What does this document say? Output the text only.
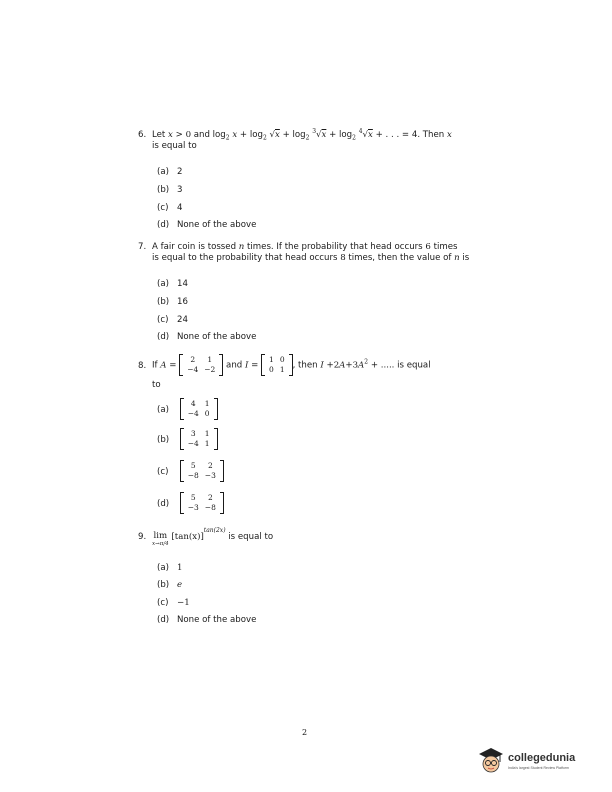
6. Let x > 0 and $\log_2 x + \log_2 √x + \log_2 ^3√x + \log_2 ^4√x$ + . . . = 4. Then x
is equal to
(a) 2
(b) 3
(c) 4
(d) None of the above
7. A fair coin is tossed n times. If the probability that head occurs 6 times
is equal to the probability that head occurs 8 times, then the value of n is
(a) 14
(b) 16
(c) 24
(d) None of the above
8. If A =
2	1
−4	−2 and I =
1	0
0	1 , then $I +2A+3A^2$ + ..... is equal
to
(a)
4	1
−4	0
(b)
3	1
−4	1
(c)
5	2
−8	−3
(d)
5	2
−3	−8
9. lim
x→π/4
$[\tan(x)]^{tan(2x)}$ is equal to
(a) 1
(b) e
(c) −1
(d) None of the above
2
collegedunia
India's largest Student Review Platform
